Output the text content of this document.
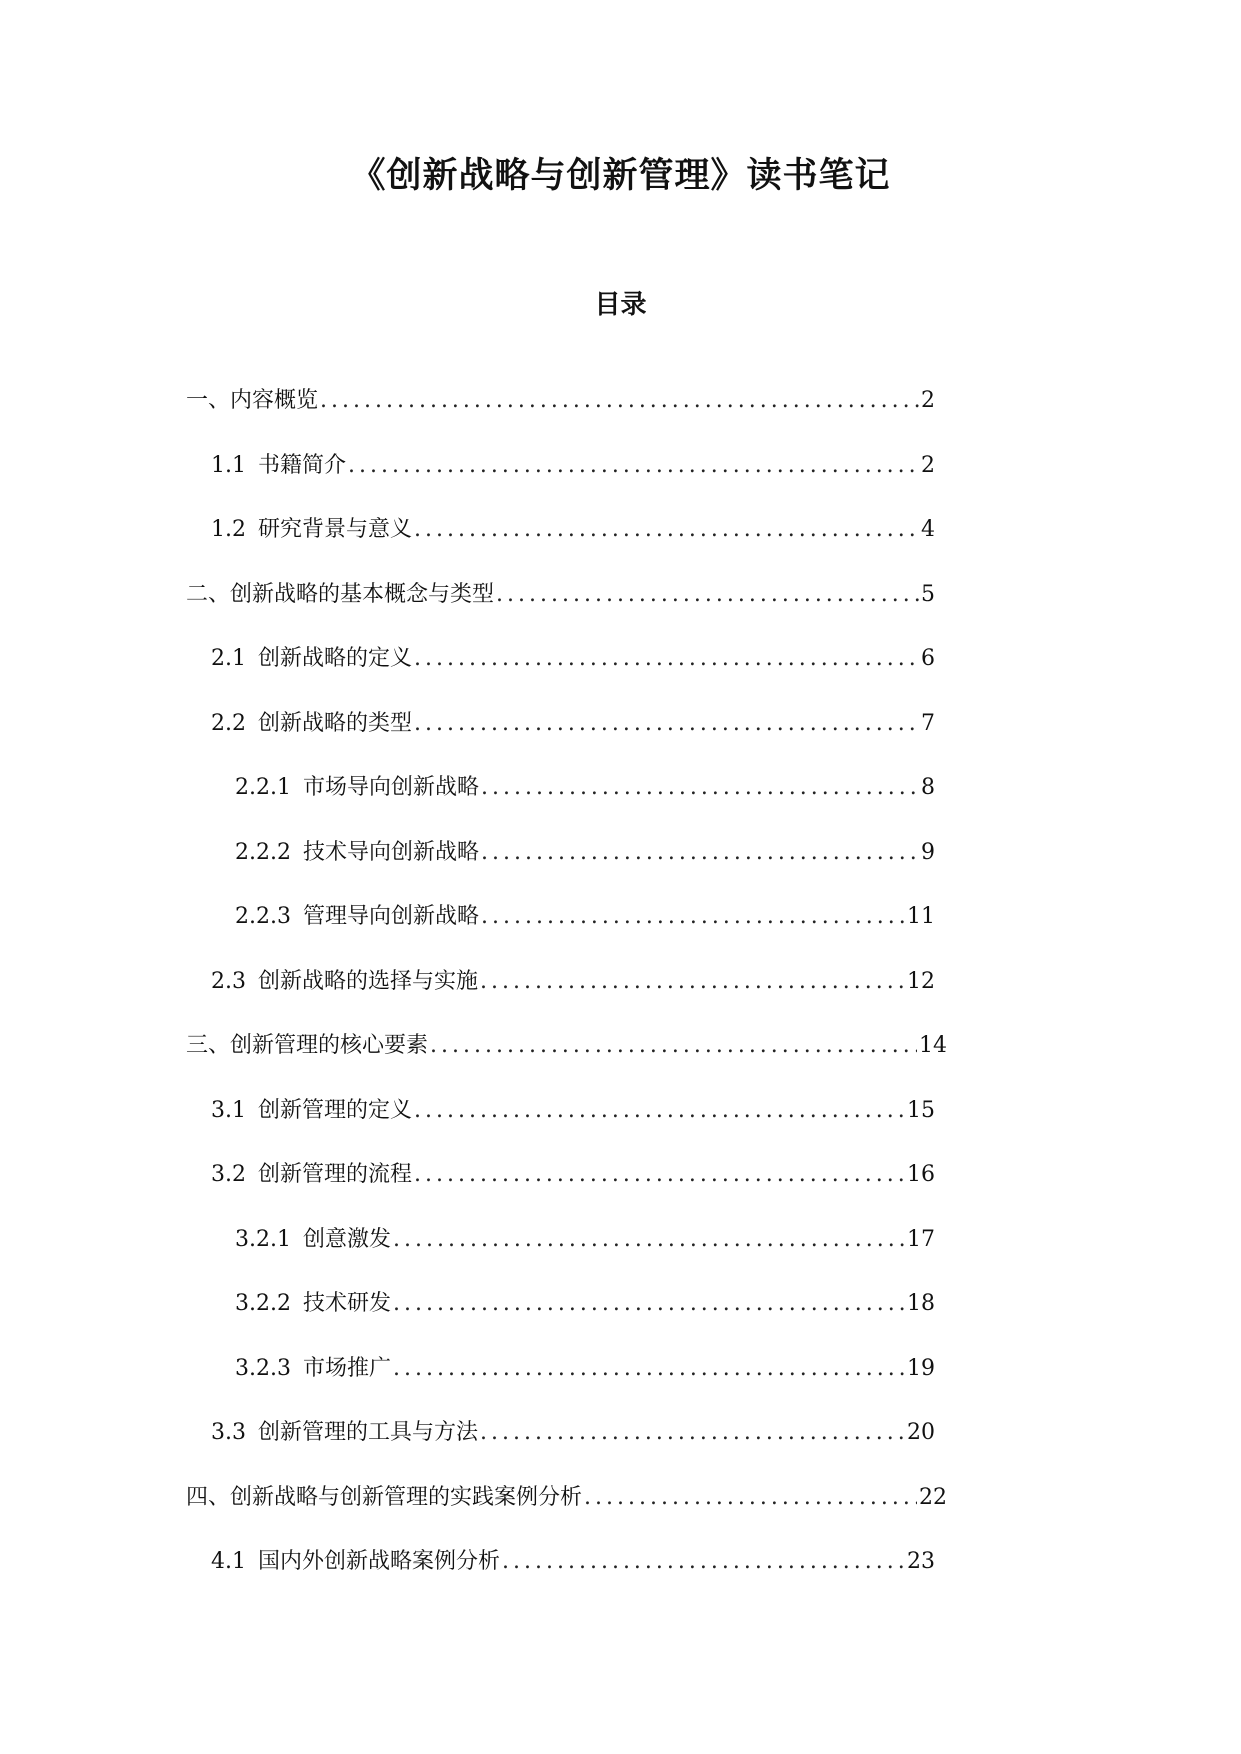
《创新战略与创新管理》读书笔记
目录
一、内容概览 .....	2
1.1 书籍简介 .....	2
1.2 研究背景与意义 .....	4
二、创新战略的基本概念与类型 .....	5
2.1 创新战略的定义 .....	6
2.2 创新战略的类型 .....	7
2.2.1 市场导向创新战略 .....	8
2.2.2 技术导向创新战略 .....	9
2.2.3 管理导向创新战略 .....	11
2.3 创新战略的选择与实施 .....	12
三、创新管理的核心要素 .....	14
3.1 创新管理的定义 .....	15
3.2 创新管理的流程 .....	16
3.2.1 创意激发 .....	17
3.2.2 技术研发 .....	18
3.2.3 市场推广 .....	19
3.3 创新管理的工具与方法 .....	20
四、创新战略与创新管理的实践案例分析 .....	22
4.1 国内外创新战略案例分析 .....	23
